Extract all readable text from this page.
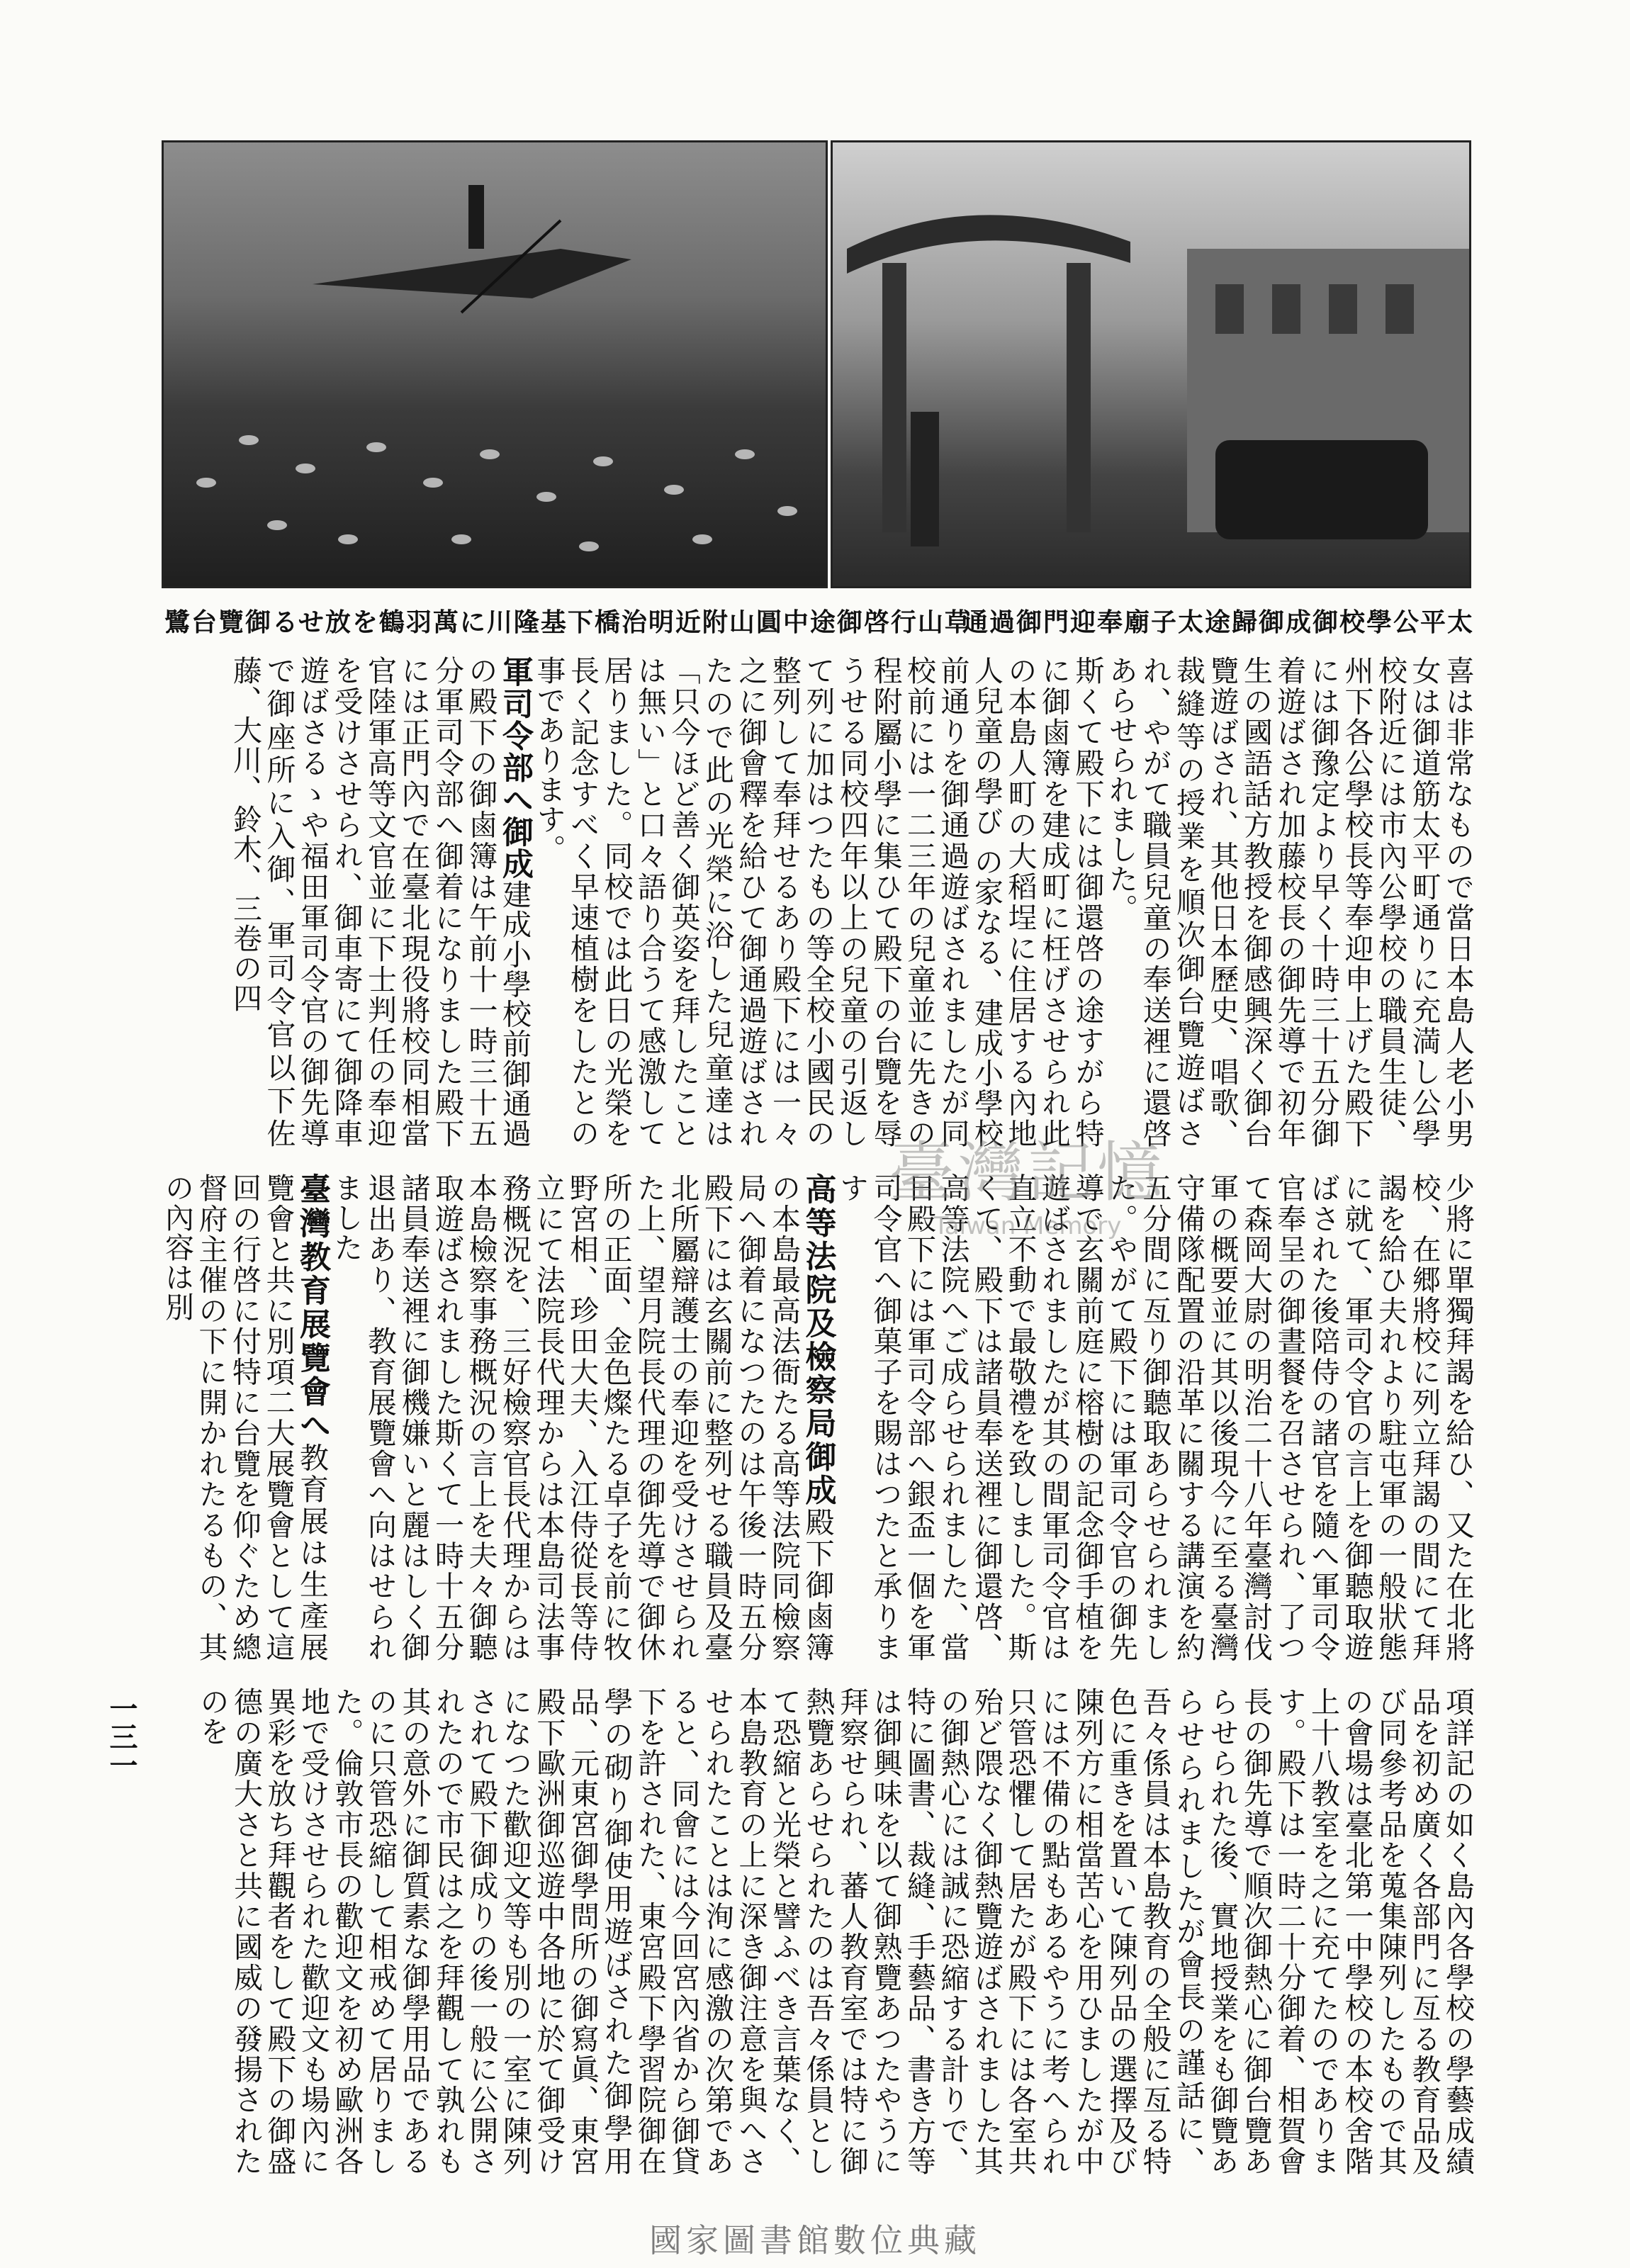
鷺台覽御るせ放を鶴羽萬に川隆基下橋治明近附山圓中途御啓行山草
通過御門迎奉廟子太途歸御成御校學公平太

喜は非常なもので當日本島人老小男女は御道筋太平町通りに充満し公學校附近には市內公學校の職員生徒、州下各公學校長等奉迎申上げた殿下には御豫定より早く十時三十五分御着遊ばされ加藤校長の御先導で初年生の國語話方教授を御感興深く御台覽遊ばされ、其他日本歷史、唱歌、裁縫等の授業を順次御台覽遊ばされ、やがて職員兒童の奉送裡に還啓あらせられました。

斯くて殿下には御還啓の途すがら特に御鹵簿を建成町に枉げさせられ此の本島人町の大稻埕に住居する內地人兒童の學び の家なる、建成小學校前通りを御通過遊ばされましたが同校前には一二三年の兒童並に先きの程附屬小學に集ひて殿下の台覽を辱うせる同校四年以上の兒童の引返して列に加はつたもの等全校小國民の整列して奉拜せるあり殿下には一々之に御會釋を給ひて御通過遊ばされたので此の光榮に浴した兒童達は「只今ほど善く御英姿を拜したことは無い」と口々語り合うて感激して居りました。同校では此日の光榮を長く記念すべく早速植樹をしたとの事であります。

軍司令部へ御成建成小學校前御通過の殿下の御鹵簿は午前十一時三十五分軍司令部へ御着になりました殿下には正門內で在臺北現役將校同相當官陸軍高等文官並に下士判任の奉迎を受けさせられ、御車寄にて御降車遊ばさるゝや福田軍司令官の御先導で御座所に入御、軍司令官以下佐藤、大川、鈴木、三卷の四

少將に單獨拜謁を給ひ、又た在北將校、在郷將校に列立拜謁の間にて拜謁を給ひ夫れより駐屯軍の一般狀態に就て、軍司令官の言上を御聽取遊ばされた後陪侍の諸官を隨へ軍司令官奉呈の御晝餐を召させられ、了つて森岡大尉の明治二十八年臺灣討伐軍の概要並に其以後現今に至る臺灣守備隊配置の沿革に關する講演を約五分間に亙り御聽取あらせられました。やがて殿下には軍司令官の御先導で玄關前庭に榕樹の記念御手植を遊ばされましたが其の間軍司令官は直立不動で最敬禮を致しました。斯くて、殿下は諸員奉送裡に御還啓、高等法院へご成らせられました、當日殿下には軍司令部へ銀盃一個を軍司令官へ御菓子を賜はつたと承ります

高等法院及檢察局御成殿下御鹵簿の本島最高法衙たる高等法院同檢察局へ御着になつたのは午後一時五分殿下には玄關前に整列せる職員及臺北所屬辯護士の奉迎を受けさせられた上、望月院長代理の御先導で御休所の正面、金色燦たる卓子を前に牧野宮相、珍田大夫、入江侍從長等侍立にて法院長代理からは本島司法事務概況を、三好檢察官長代理からは本島檢察事務概況の言上を夫々御聽取遊ばされました斯くて一時十五分諸員奉送裡に御機嫌いと麗はしく御退出あり、教育展覽會へ向はせられました

臺灣教育展覽會へ教育展は生產展覽會と共に別項二大展覽會として這回の行啓に付特に台覽を仰ぐため總督府主催の下に開かれたるもの、其の內容は別

項詳記の如く島內各學校の學藝成績品を初め廣く各部門に亙る教育品及び同參考品を蒐集陳列したもので其の會場は臺北第一中學校の本校舍階上十八教室を之に充てたのであります。殿下は一時二十分御着、相賀會長の御先導で順次御熱心に御台覽あらせられた後、實地授業をも御覽あらせられましたが會長の謹話に、吾々係員は本島教育の全般に亙る特色に重きを置いて陳列品の選擇及び陳列方に相當苦心を用ひましたが中には不備の點もあるやうに考へられ只管恐懼して居たが殿下には各室共殆ど隈なく御熱覽遊ばされました其の御熱心には誠に恐縮する計りで、特に圖書、裁縫、手藝品、書き方等は御興味を以て御熟覽あつたやうに拜察せられ、蕃人教育室では特に御熱覽あらせられたのは吾々係員として恐縮と光榮と譬ふべき言葉なく、本島教育の上に深き御注意を與へさせられたことは洵に感激の次第であると、同會には今回宮內省から御貸下を許された、東宮殿下學習院御在學の砌り御使用遊ばされた御學用品、元東宮御學問所の御寫眞、東宮殿下歐洲御巡遊中各地に於て御受けになつた歡迎文等も別の一室に陳列されて殿下御成りの後一般に公開されたので市民は之を拜觀して孰れも其の意外に御質素な御學用品であるのに只管恐縮して相戒めて居りました。倫敦市長の歡迎文を初め歐洲各地で受けさせられた歡迎文も場內に異彩を放ち拜觀者をして殿下の御盛德の廣大さと共に國威の發揚されたのを

一三一
臺灣記憶
Taiwan Memory
國家圖書館數位典藏
